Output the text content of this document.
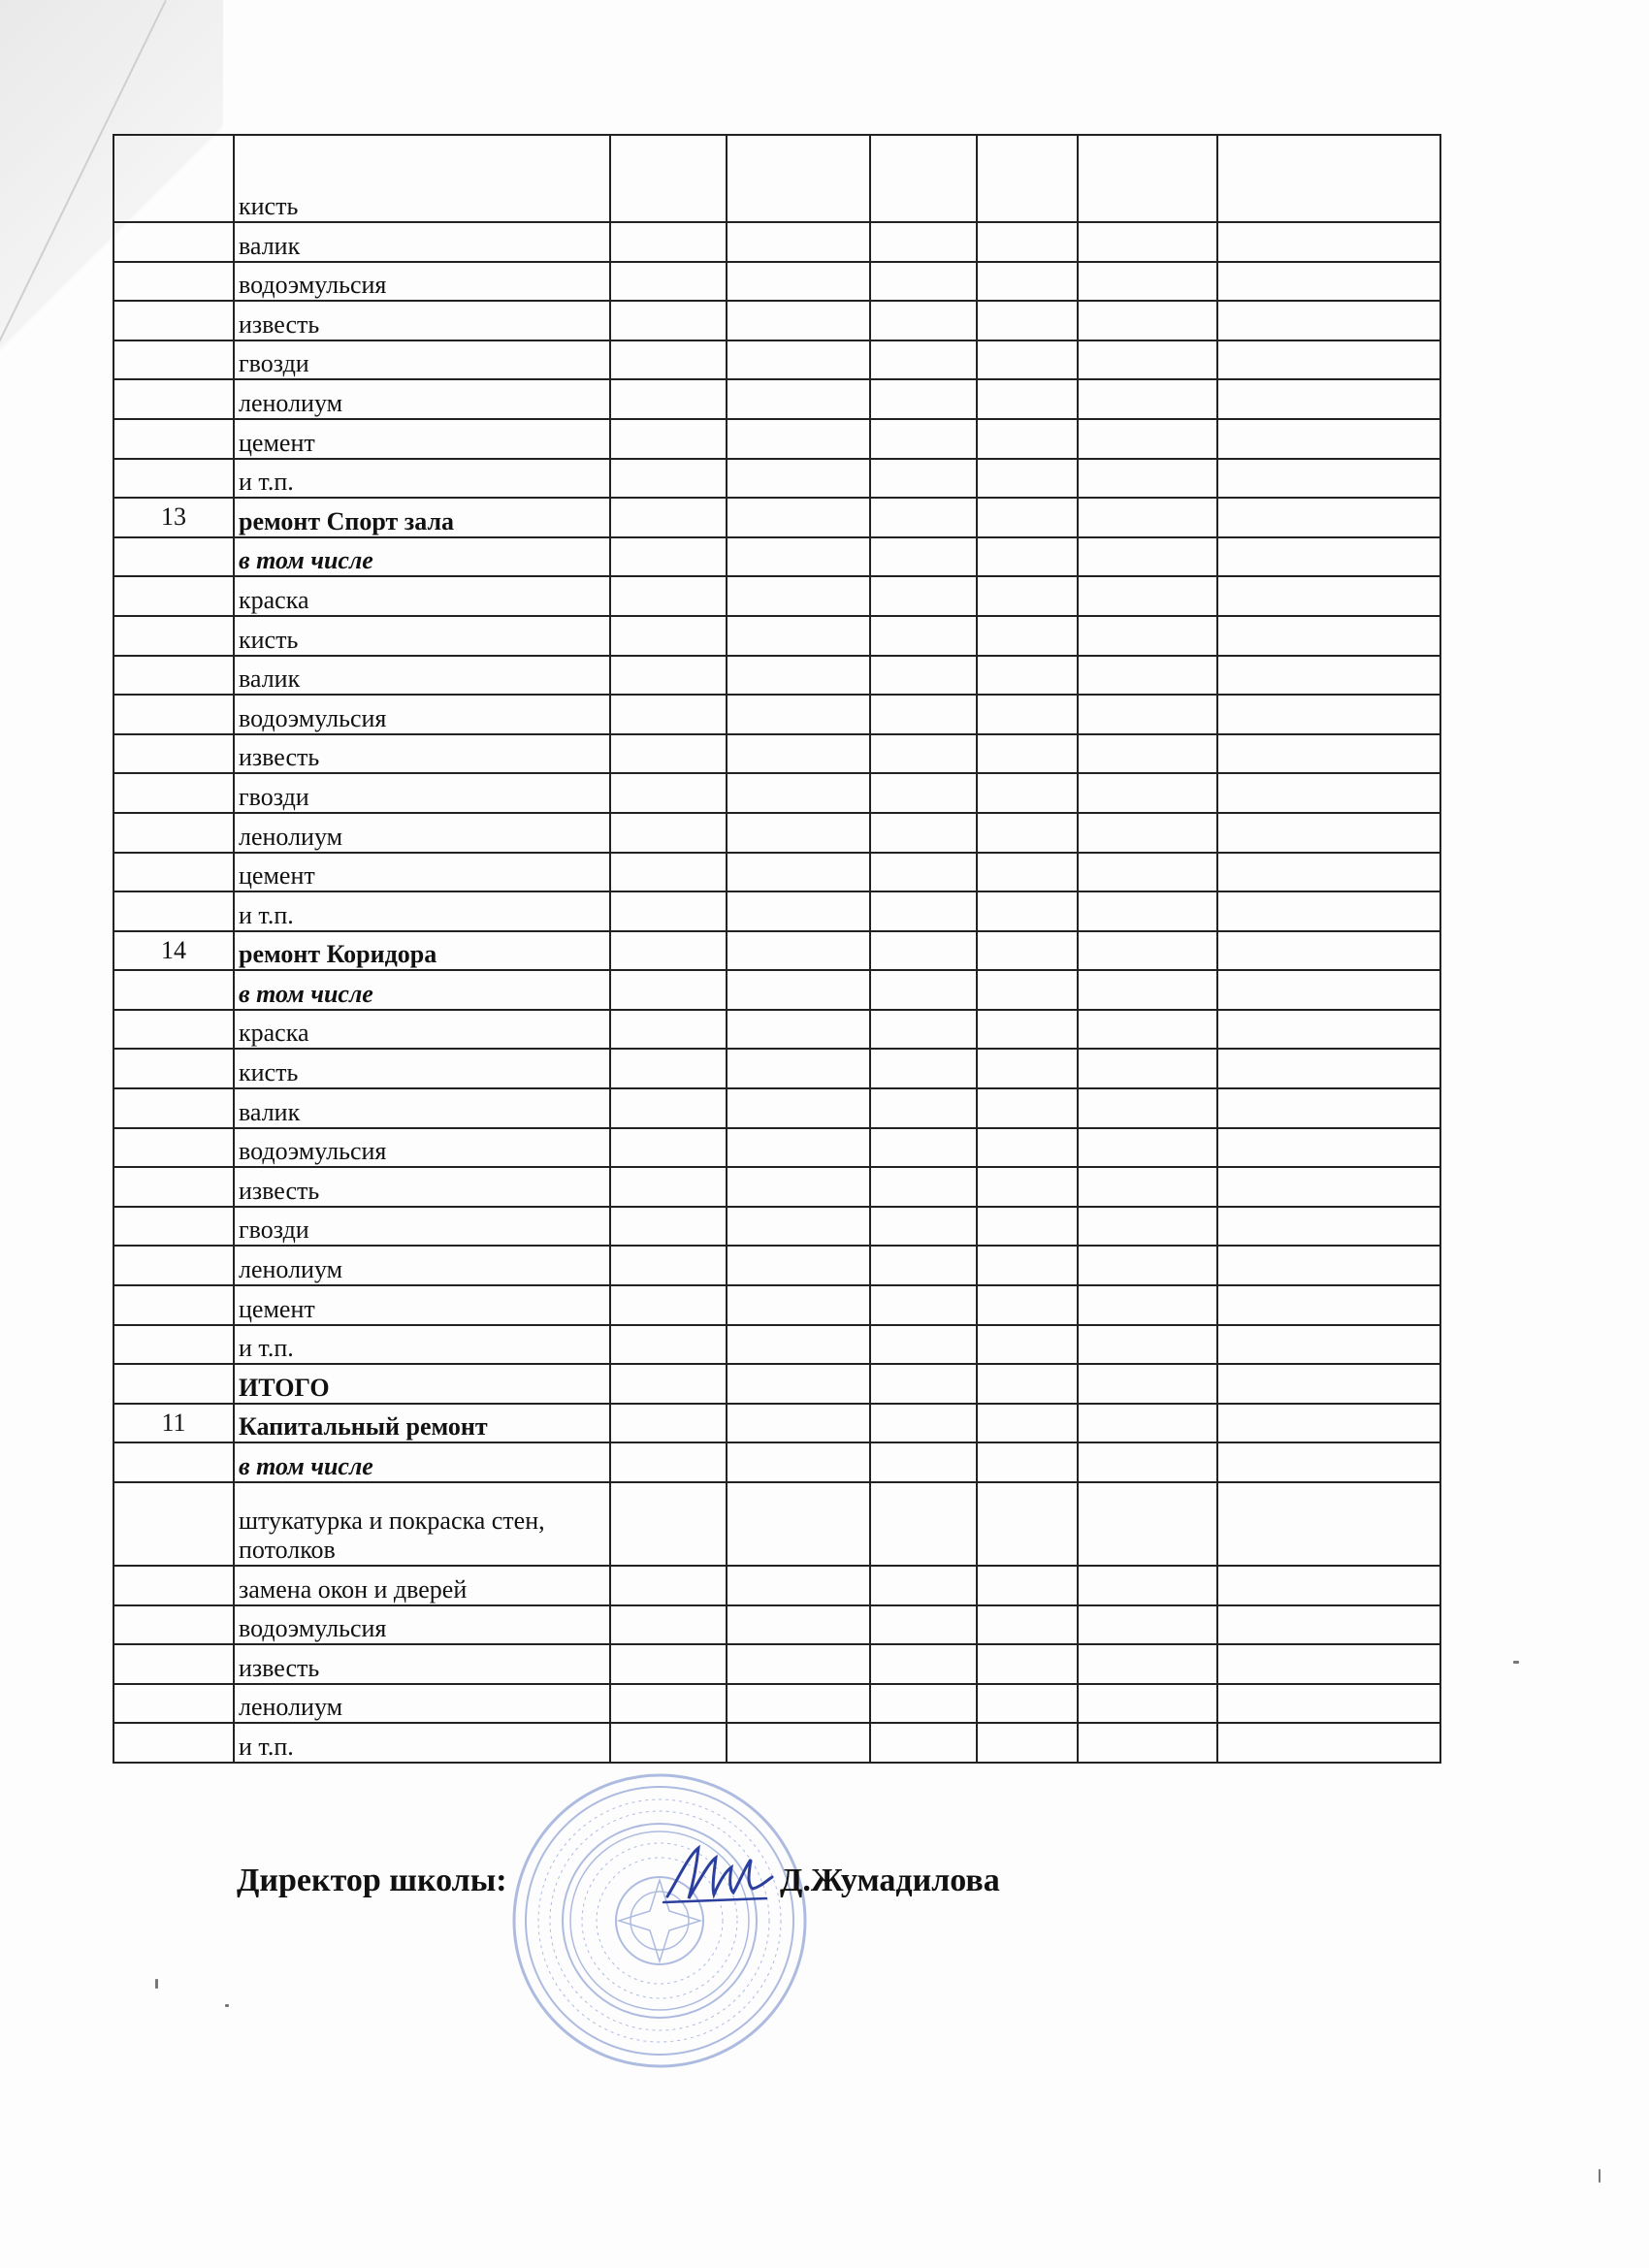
	кисть						
	валик						
	водоэмульсия						
	известь						
	гвозди						
	ленолиум						
	цемент						
	и т.п.						
13	ремонт Спорт зала						
	в том числе						
	краска						
	кисть						
	валик						
	водоэмульсия						
	известь						
	гвозди						
	ленолиум						
	цемент						
	и т.п.						
14	ремонт Коридора						
	в том числе						
	краска						
	кисть						
	валик						
	водоэмульсия						
	известь						
	гвозди						
	ленолиум						
	цемент						
	и т.п.						
	ИТОГО						
11	Капитальный ремонт						
	в том числе						
	штукатурка и покраска стен, потолков						
	замена окон и дверей						
	водоэмульсия						
	известь						
	ленолиум						
	и т.п.						
Директор школы:	Д.Жумадилова
